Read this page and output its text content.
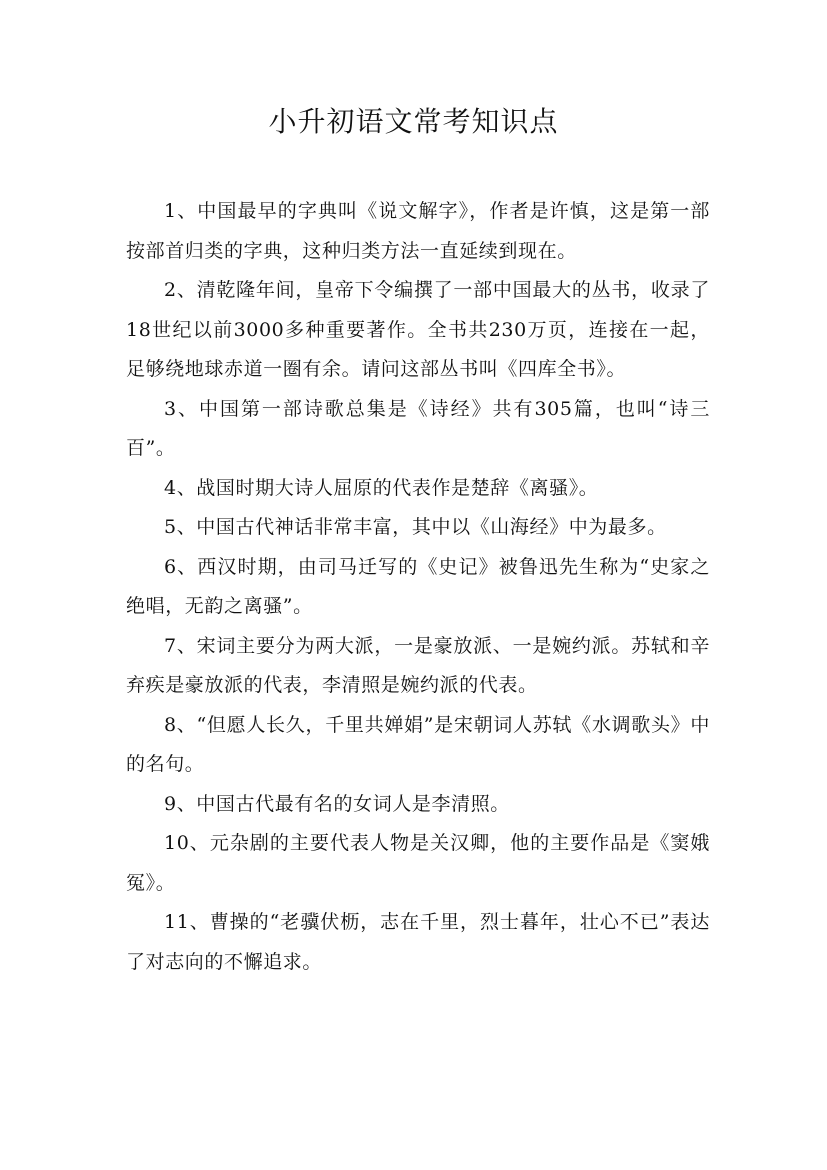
小升初语文常考知识点

1、中国最早的字典叫《说文解字》，作者是许慎，这是第一部按部首归类的字典，这种归类方法一直延续到现在。

2、清乾隆年间，皇帝下令编撰了一部中国最大的丛书，收录了18世纪以前3000多种重要著作。全书共230万页，连接在一起，足够绕地球赤道一圈有余。请问这部丛书叫《四库全书》。

3、中国第一部诗歌总集是《诗经》共有305篇，也叫“诗三百”。

4、战国时期大诗人屈原的代表作是楚辞《离骚》。

5、中国古代神话非常丰富，其中以《山海经》中为最多。

6、西汉时期，由司马迁写的《史记》被鲁迅先生称为“史家之绝唱，无韵之离骚”。

7、宋词主要分为两大派，一是豪放派、一是婉约派。苏轼和辛弃疾是豪放派的代表，李清照是婉约派的代表。

8、“但愿人长久，千里共婵娟”是宋朝词人苏轼《水调歌头》中的名句。

9、中国古代最有名的女词人是李清照。

10、元杂剧的主要代表人物是关汉卿，他的主要作品是《窦娥冤》。

11、曹操的“老骥伏枥，志在千里，烈士暮年，壮心不已”表达了对志向的不懈追求。
